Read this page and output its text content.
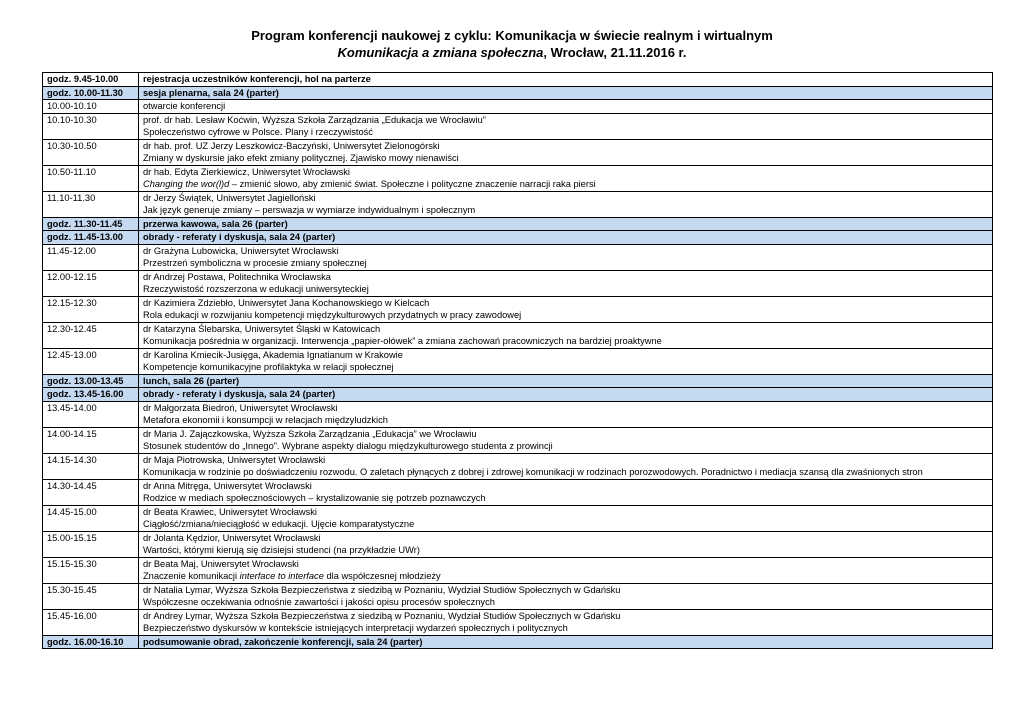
Program konferencji naukowej z cyklu: Komunikacja w świecie realnym i wirtualnym
Komunikacja a zmiana społeczna, Wrocław, 21.11.2016 r.
godz. 9.45-10.00	rejestracja uczestników konferencji, hol na parterze

godz. 10.00-11.30	sesja plenarna, sala 24 (parter)

10.00-10.10	otwarcie konferencji

10.10-10.30	prof. dr hab. Lesław Koćwin, Wyższa Szkoła Zarządzania „Edukacja we Wrocławiu”
Społeczeństwo cyfrowe w Polsce. Plany i rzeczywistość

10.30-10.50	dr hab. prof. UZ Jerzy Leszkowicz-Baczyński, Uniwersytet Zielonogórski
Zmiany w dyskursie jako efekt zmiany politycznej. Zjawisko mowy nienawiści

10.50-11.10	dr hab. Edyta Zierkiewicz, Uniwersytet Wrocławski
Changing the wor(l)d – zmienić słowo, aby zmienić świat. Społeczne i polityczne znaczenie narracji raka piersi

11.10-11.30	dr Jerzy Świątek, Uniwersytet Jagielloński
Jak język generuje zmiany – perswazja w wymiarze indywidualnym i społecznym

godz. 11.30-11.45	przerwa kawowa, sala 26 (parter)

godz. 11.45-13.00	obrady - referaty i dyskusja, sala 24 (parter)

11.45-12.00	dr Grażyna Lubowicka, Uniwersytet Wrocławski
Przestrzeń symboliczna w procesie zmiany społecznej

12.00-12.15	dr Andrzej Postawa, Politechnika Wrocławska
Rzeczywistość rozszerzona w edukacji uniwersyteckiej

12.15-12.30	dr Kazimiera Zdziebło, Uniwersytet Jana Kochanowskiego w Kielcach
Rola edukacji w rozwijaniu kompetencji międzykulturowych przydatnych w pracy zawodowej

12.30-12.45	dr Katarzyna Ślebarska, Uniwersytet Śląski w Katowicach
Komunikacja pośrednia w organizacji. Interwencja „papier-ołówek” a zmiana zachowań pracowniczych na bardziej proaktywne

12.45-13.00	dr Karolina Kmiecik-Jusięga, Akademia Ignatianum w Krakowie
Kompetencje komunikacyjne profilaktyka w relacji społecznej

godz. 13.00-13.45	lunch, sala 26 (parter)

godz. 13.45-16.00	obrady - referaty i dyskusja, sala 24 (parter)

13.45-14.00	dr Małgorzata Biedroń, Uniwersytet Wrocławski
Metafora ekonomii i konsumpcji w relacjach międzyludzkich

14.00-14.15	dr Maria J. Zajączkowska, Wyższa Szkoła Zarządzania „Edukacja” we Wrocławiu
Stosunek studentów do „Innego”. Wybrane aspekty dialogu międzykulturowego studenta z prowincji

14.15-14.30	dr Maja Piotrowska, Uniwersytet Wrocławski
Komunikacja w rodzinie po doświadczeniu rozwodu. O zaletach płynących z dobrej i zdrowej komunikacji w rodzinach porozwodowych. Poradnictwo i mediacja szansą dla zwaśnionych stron

14.30-14.45	dr Anna Mitręga, Uniwersytet Wrocławski
Rodzice w mediach społecznościowych – krystalizowanie się potrzeb poznawczych

14.45-15.00	dr Beata Krawiec, Uniwersytet Wrocławski
Ciągłość/zmiana/nieciągłość w edukacji. Ujęcie komparatystyczne

15.00-15.15	dr Jolanta Kędzior, Uniwersytet Wrocławski
Wartości, którymi kierują się dzisiejsi studenci (na przykładzie UWr)

15.15-15.30	dr Beata Maj, Uniwersytet Wrocławski
Znaczenie komunikacji interface to interface dla współczesnej młodzieży

15.30-15.45	dr Natalia Lymar, Wyższa Szkoła Bezpieczeństwa z siedzibą w Poznaniu, Wydział Studiów Społecznych w Gdańsku
Współczesne oczekiwania odnośnie zawartości i jakości opisu procesów społecznych

15.45-16.00	dr Andrey Lymar, Wyższa Szkoła Bezpieczeństwa z siedzibą w Poznaniu, Wydział Studiów Społecznych w Gdańsku
Bezpieczeństwo dyskursów w kontekście istniejących interpretacji wydarzeń społecznych i politycznych

godz. 16.00-16.10	podsumowanie obrad, zakończenie konferencji, sala 24 (parter)
